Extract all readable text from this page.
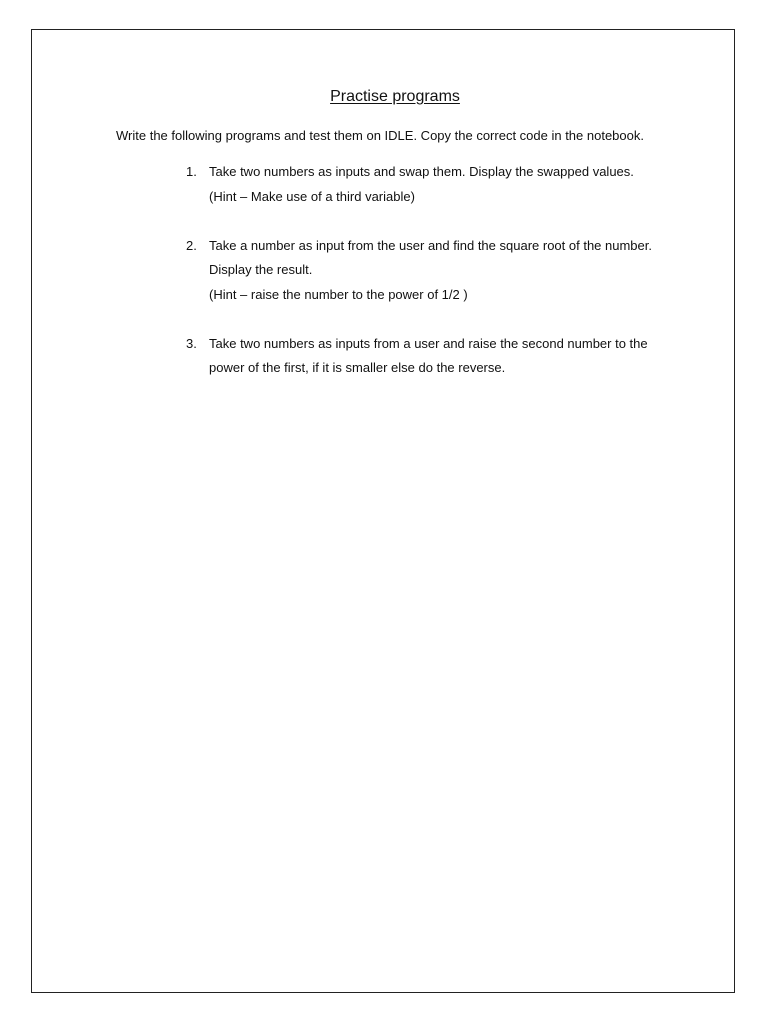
Practise programs

Write the following programs and test them on IDLE. Copy the correct code in the notebook.

1. Take two numbers as inputs and swap them. Display the swapped values.
(Hint – Make use of a third variable)
2. Take a number as input from the user and find the square root of the number.
Display the result.
(Hint – raise the number to the power of 1/2 )
3. Take two numbers as inputs from a user and raise the second number to the
power of the first, if it is smaller else do the reverse.
